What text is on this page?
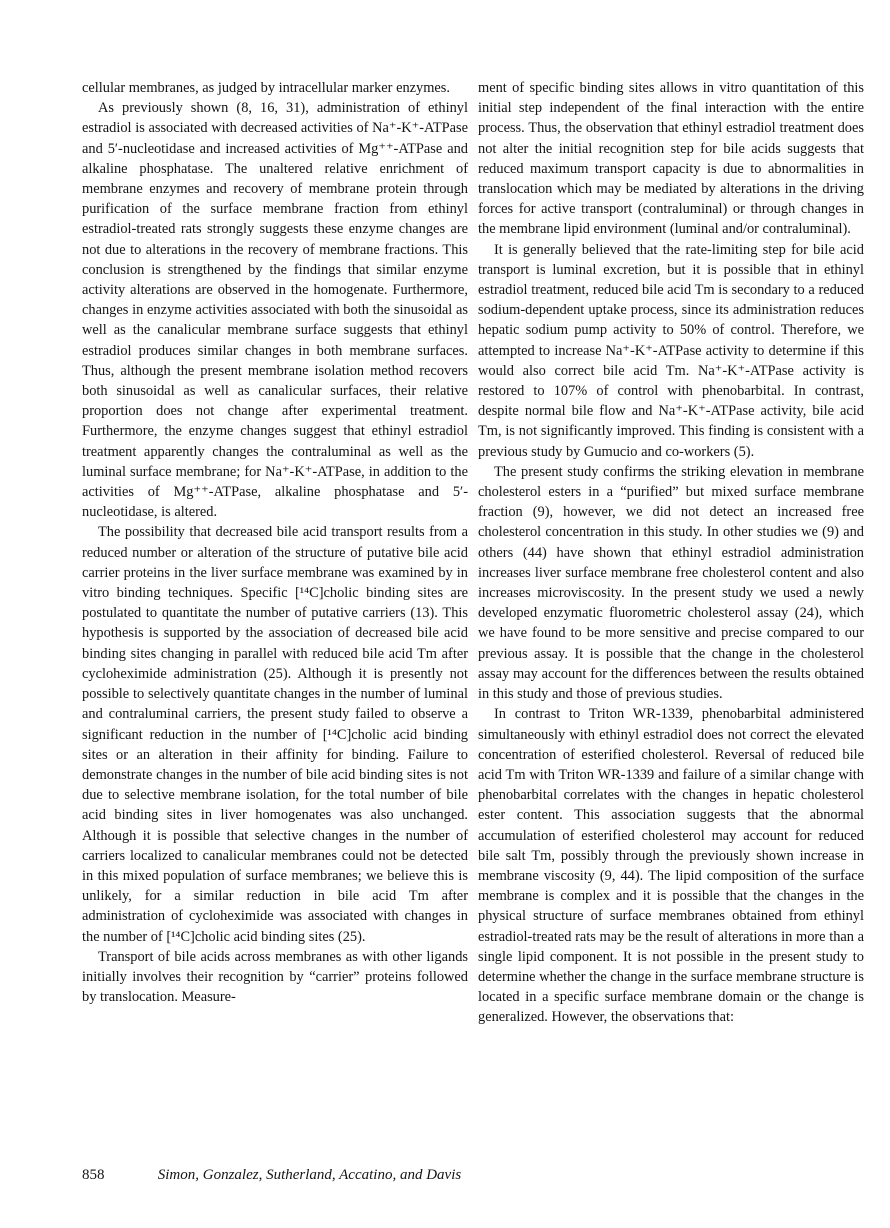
cellular membranes, as judged by intracellular marker enzymes.

As previously shown (8, 16, 31), administration of ethinyl estradiol is associated with decreased activities of Na⁺-K⁺-ATPase and 5′-nucleotidase and increased activities of Mg⁺⁺-ATPase and alkaline phosphatase. The unaltered relative enrichment of membrane enzymes and recovery of membrane protein through purification of the surface membrane fraction from ethinyl estradiol-treated rats strongly suggests these enzyme changes are not due to alterations in the recovery of membrane fractions. This conclusion is strengthened by the findings that similar enzyme activity alterations are observed in the homogenate. Furthermore, changes in enzyme activities associated with both the sinusoidal as well as the canalicular membrane surface suggests that ethinyl estradiol produces similar changes in both membrane surfaces. Thus, although the present membrane isolation method recovers both sinusoidal as well as canalicular surfaces, their relative proportion does not change after experimental treatment. Furthermore, the enzyme changes suggest that ethinyl estradiol treatment apparently changes the contraluminal as well as the luminal surface membrane; for Na⁺-K⁺-ATPase, in addition to the activities of Mg⁺⁺-ATPase, alkaline phosphatase and 5′-nucleotidase, is altered.

The possibility that decreased bile acid transport results from a reduced number or alteration of the structure of putative bile acid carrier proteins in the liver surface membrane was examined by in vitro binding techniques. Specific [¹⁴C]cholic binding sites are postulated to quantitate the number of putative carriers (13). This hypothesis is supported by the association of decreased bile acid binding sites changing in parallel with reduced bile acid Tm after cycloheximide administration (25). Although it is presently not possible to selectively quantitate changes in the number of luminal and contraluminal carriers, the present study failed to observe a significant reduction in the number of [¹⁴C]cholic acid binding sites or an alteration in their affinity for binding. Failure to demonstrate changes in the number of bile acid binding sites is not due to selective membrane isolation, for the total number of bile acid binding sites in liver homogenates was also unchanged. Although it is possible that selective changes in the number of carriers localized to canalicular membranes could not be detected in this mixed population of surface membranes; we believe this is unlikely, for a similar reduction in bile acid Tm after administration of cycloheximide was associated with changes in the number of [¹⁴C]cholic acid binding sites (25).

Transport of bile acids across membranes as with other ligands initially involves their recognition by “carrier” proteins followed by translocation. Measure-

ment of specific binding sites allows in vitro quantitation of this initial step independent of the final interaction with the entire process. Thus, the observation that ethinyl estradiol treatment does not alter the initial recognition step for bile acids suggests that reduced maximum transport capacity is due to abnormalities in translocation which may be mediated by alterations in the driving forces for active transport (contraluminal) or through changes in the membrane lipid environment (luminal and/or contraluminal).

It is generally believed that the rate-limiting step for bile acid transport is luminal excretion, but it is possible that in ethinyl estradiol treatment, reduced bile acid Tm is secondary to a reduced sodium-dependent uptake process, since its administration reduces hepatic sodium pump activity to 50% of control. Therefore, we attempted to increase Na⁺-K⁺-ATPase activity to determine if this would also correct bile acid Tm. Na⁺-K⁺-ATPase activity is restored to 107% of control with phenobarbital. In contrast, despite normal bile flow and Na⁺-K⁺-ATPase activity, bile acid Tm, is not significantly improved. This finding is consistent with a previous study by Gumucio and co-workers (5).

The present study confirms the striking elevation in membrane cholesterol esters in a “purified” but mixed surface membrane fraction (9), however, we did not detect an increased free cholesterol concentration in this study. In other studies we (9) and others (44) have shown that ethinyl estradiol administration increases liver surface membrane free cholesterol content and also increases microviscosity. In the present study we used a newly developed enzymatic fluorometric cholesterol assay (24), which we have found to be more sensitive and precise compared to our previous assay. It is possible that the change in the cholesterol assay may account for the differences between the results obtained in this study and those of previous studies.

In contrast to Triton WR-1339, phenobarbital administered simultaneously with ethinyl estradiol does not correct the elevated concentration of esterified cholesterol. Reversal of reduced bile acid Tm with Triton WR-1339 and failure of a similar change with phenobarbital correlates with the changes in hepatic cholesterol ester content. This association suggests that the abnormal accumulation of esterified cholesterol may account for reduced bile salt Tm, possibly through the previously shown increase in membrane viscosity (9, 44). The lipid composition of the surface membrane is complex and it is possible that the changes in the physical structure of surface membranes obtained from ethinyl estradiol-treated rats may be the result of alterations in more than a single lipid component. It is not possible in the present study to determine whether the change in the surface membrane structure is located in a specific surface membrane domain or the change is generalized. However, the observations that:

858	Simon, Gonzalez, Sutherland, Accatino, and Davis
